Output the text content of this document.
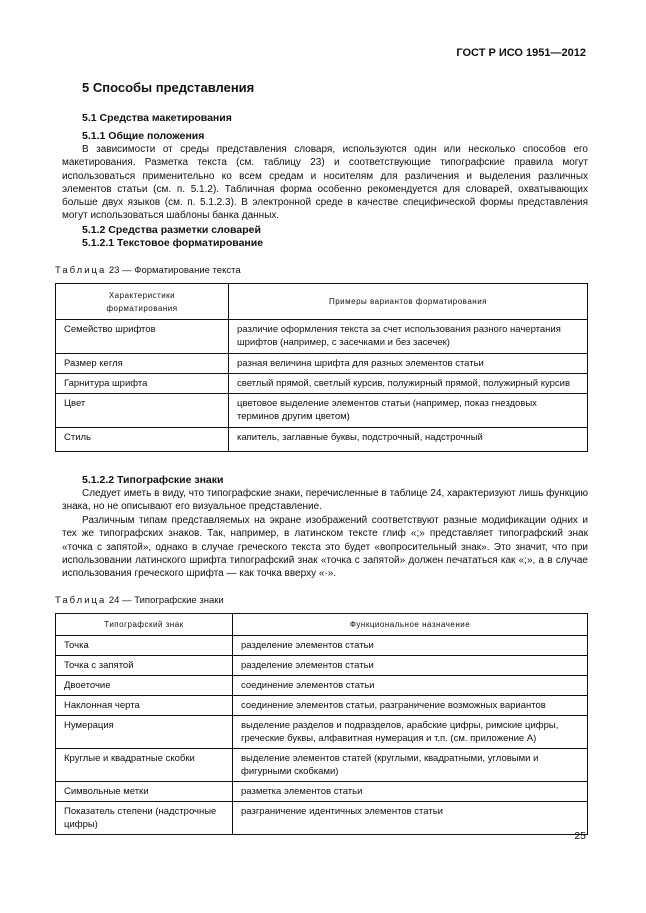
ГОСТ Р ИСО 1951—2012
5 Способы представления
5.1 Средства макетирования
5.1.1 Общие положения

В зависимости от среды представления словаря, используются один или несколько способов его макетирования. Разметка текста (см. таблицу 23) и соответствующие типографские правила могут использоваться применительно ко всем средам и носителям для различения и выделения различных элементов статьи (см. п. 5.1.2). Табличная форма особенно рекомендуется для словарей, охватывающих больше двух языков (см. п. 5.1.2.3). В электронной среде в качестве специфической формы представления могут использоваться шаблоны банка данных.

5.1.2 Средства разметки словарей
5.1.2.1 Текстовое форматирование
Таблица 23 — Форматирование текста
Характеристики
форматирования	Примеры вариантов форматирования
Семейство шрифтов	различие оформления текста за счет использования разного начертания шрифтов (например, с засечками и без засечек)
Размер кегля	разная величина шрифта для разных элементов статьи
Гарнитура шрифта	светлый прямой, светлый курсив, полужирный прямой, полужирный курсив
Цвет	цветовое выделение элементов статьи (например, показ гнездовых терминов другим цветом)
Стиль	капитель, заглавные буквы, подстрочный, надстрочный
5.1.2.2 Типографские знаки

Следует иметь в виду, что типографские знаки, перечисленные в таблице 24, характеризуют лишь функцию знака, но не описывают его визуальное представление.

Различным типам представляемых на экране изображений соответствуют разные модификации одних и тех же типографских знаков. Так, например, в латинском тексте глиф «;» представляет типографский знак «точка с запятой», однако в случае греческого текста это будет «вопросительный знак». Это значит, что при использовании латинского шрифта типографский знак «точка с запятой» должен печататься как «;», а в случае использования греческого шрифта — как точка вверху «·».

Таблица 24 — Типографские знаки
Типографский знак	Функциональное назначение
Точка	разделение элементов статьи
Точка с запятой	разделение элементов статьи
Двоеточие	соединение элементов статьи
Наклонная черта	соединение элементов статьи, разграничение возможных вариантов
Нумерация	выделение разделов и подразделов, арабские цифры, римские цифры, греческие буквы, алфавитная нумерация и т.п. (см. приложение А)
Круглые и квадратные скобки	выделение элементов статей (круглыми, квадратными, угловыми и фигурными скобками)
Символьные метки	разметка элементов статьи
Показатель степени (надстрочные цифры)	разграничение идентичных элементов статьи
25
